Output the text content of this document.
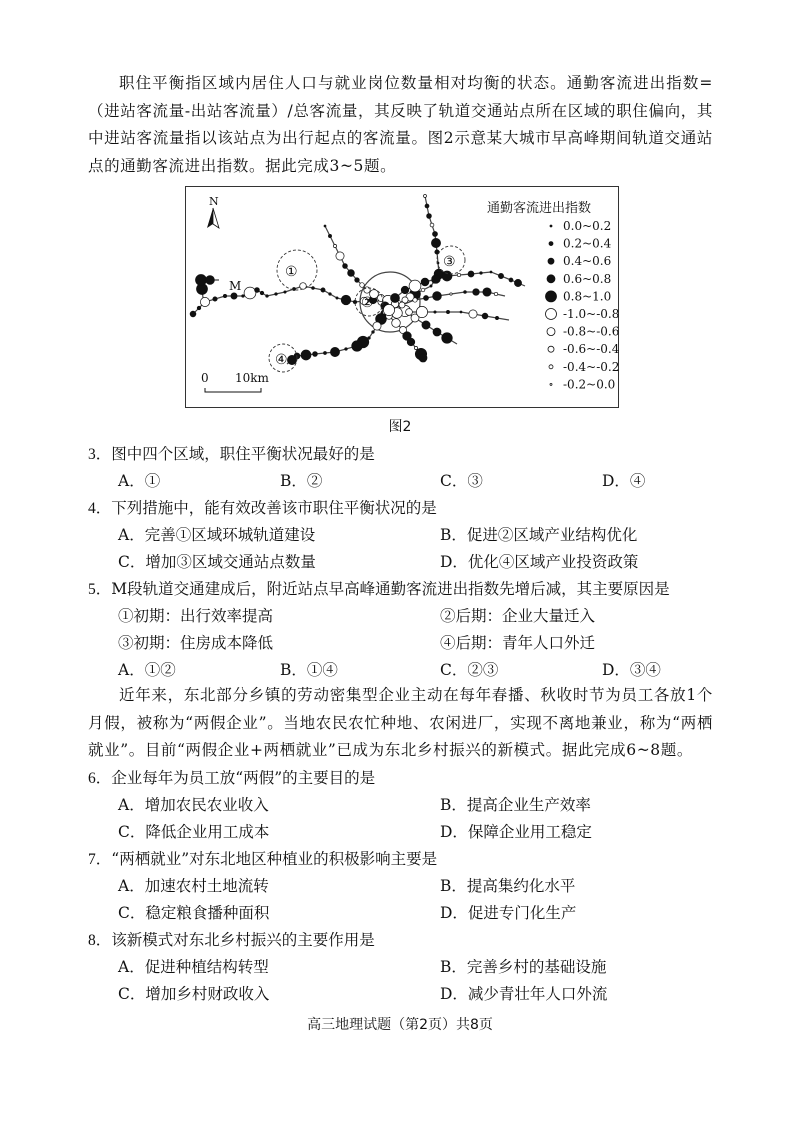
职住平衡指区域内居住人口与就业岗位数量相对均衡的状态。通勤客流进出指数=（进站客流量-出站客流量）/总客流量，其反映了轨道交通站点所在区域的职住偏向，其中进站客流量指以该站点为出行起点的客流量。图2示意某大城市早高峰期间轨道交通站点的通勤客流进出指数。据此完成3~5题。

①
②
③
④
N
M
0 10km
通勤客流进出指数
0.0~0.2
0.2~0.4
0.4~0.6
0.6~0.8
0.8~1.0
-1.0~-0.8
-0.8~-0.6
-0.6~-0.4
-0.4~-0.2
-0.2~0.0
图2
3．图中四个区域，职住平衡状况最好的是
A．①	B．②	C．③	D．④
4．下列措施中，能有效改善该市职住平衡状况的是
A．完善①区域环城轨道建设	B．促进②区域产业结构优化
C．增加③区域交通站点数量	D．优化④区域产业投资政策
5．M段轨道交通建成后，附近站点早高峰通勤客流进出指数先增后减，其主要原因是
①初期：出行效率提高	②后期：企业大量迁入
③初期：住房成本降低	④后期：青年人口外迁
A．①②	B．①④	C．②③	D．③④

近年来，东北部分乡镇的劳动密集型企业主动在每年春播、秋收时节为员工各放1个月假，被称为“两假企业”。当地农民农忙种地、农闲进厂，实现不离地兼业，称为“两栖就业”。目前“两假企业+两栖就业”已成为东北乡村振兴的新模式。据此完成6~8题。

6．企业每年为员工放“两假”的主要目的是
A．增加农民农业收入	B．提高企业生产效率
C．降低企业用工成本	D．保障企业用工稳定
7．“两栖就业”对东北地区种植业的积极影响主要是
A．加速农村土地流转	B．提高集约化水平
C．稳定粮食播种面积	D．促进专门化生产
8．该新模式对东北乡村振兴的主要作用是
A．促进种植结构转型	B．完善乡村的基础设施
C．增加乡村财政收入	D．减少青壮年人口外流
高三地理试题（第2页）共8页
